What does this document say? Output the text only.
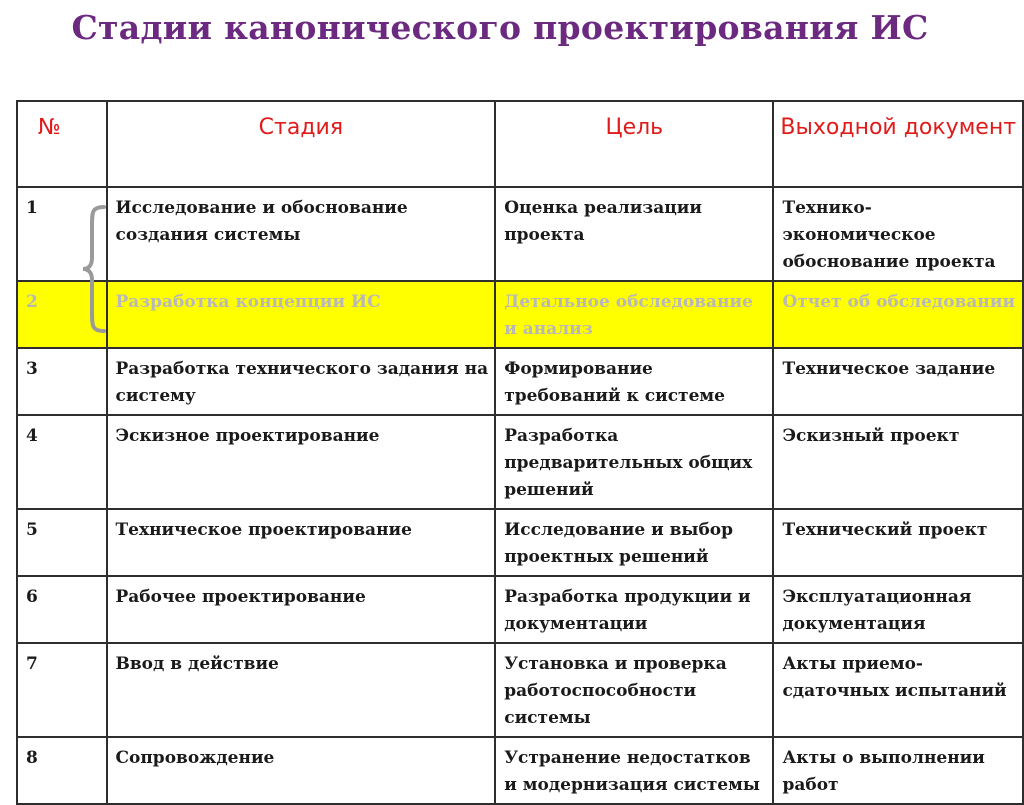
Стадии канонического проектирования ИС
№	Стадия	Цель	Выходной документ
1	Исследование и обоснование создания системы	Оценка реализации проекта	Технико-экономическое обоснование проекта
2	Разработка концепции ИС	Детальное обследование и анализ	Отчет об обследовании
3	Разработка технического задания на систему	Формирование требований к системе	Техническое задание
4	Эскизное проектирование	Разработка предварительных общих решений	Эскизный проект
5	Техническое проектирование	Исследование и выбор проектных решений	Технический проект
6	Рабочее проектирование	Разработка продукции и документации	Эксплуатационная документация
7	Ввод в действие	Установка и проверка работоспособности системы	Акты приемо-сдаточных испытаний
8	Сопровождение	Устранение недостатков и модернизация системы	Акты о выполнении работ
